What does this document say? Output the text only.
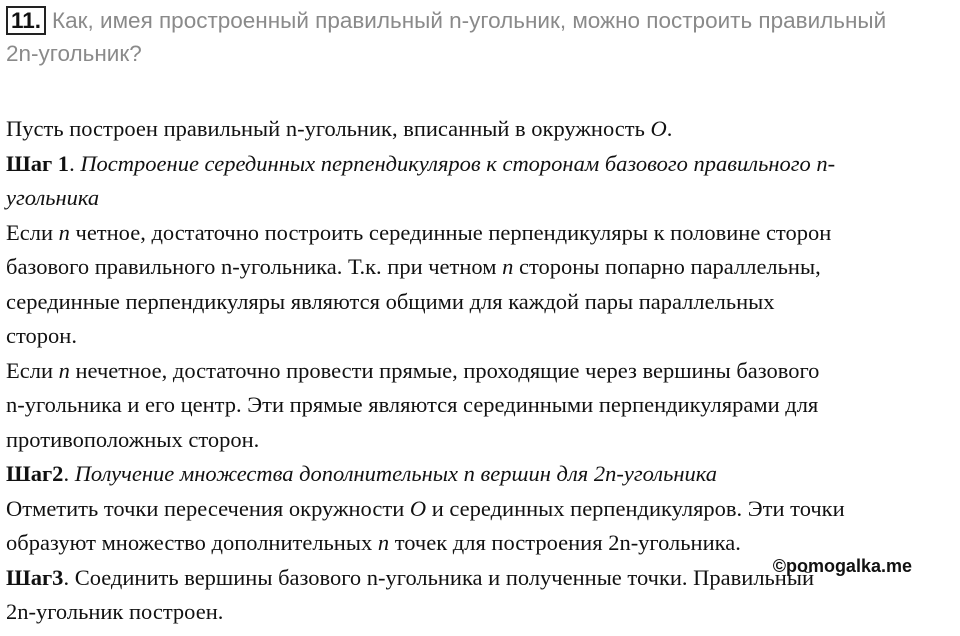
11. Как, имея простроенный правильный n-угольник, можно построить правильный
2n-угольник?

Пусть построен правильный n-угольник, вписанный в окружность O.

Шаг 1. Построение серединных перпендикуляров к сторонам базового правильного n-

угольника

Если n четное, достаточно построить серединные перпендикуляры к половине сторон

базового правильного n-угольника. Т.к. при четном n стороны попарно параллельны,

серединные перпендикуляры являются общими для каждой пары параллельных

сторон.

Если n нечетное, достаточно провести прямые, проходящие через вершины базового

n-угольника и его центр. Эти прямые являются серединными перпендикулярами для

противоположных сторон.

Шаг2. Получение множества дополнительных n вершин для 2n-угольника

Отметить точки пересечения окружности O и серединных перпендикуляров. Эти точки

образуют множество дополнительных n точек для построения 2n-угольника.

Шаг3. Соединить вершины базового n-угольника и полученные точки. Правильный

2n-угольник построен.

©pomogalka.me
